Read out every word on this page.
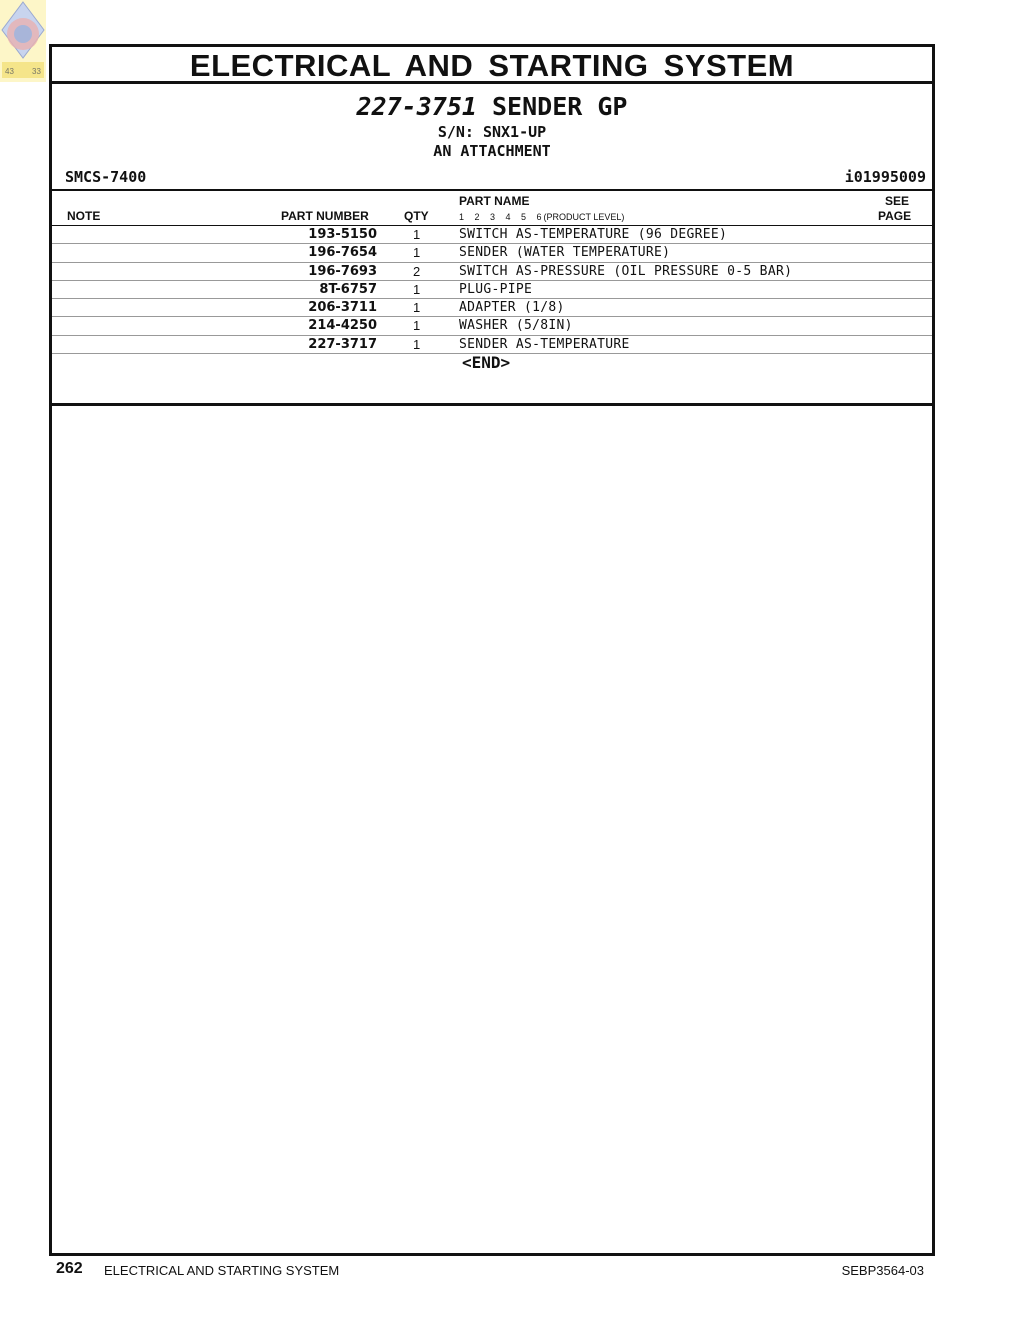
43 33	ELECTRICAL AND STARTING SYSTEM
227-3751 SENDER GP
S/N: SNX1-UP
AN ATTACHMENT
SMCS-7400	i01995009
NOTE	PART NUMBER	QTY
PART NAME
1 2 3 4 5 6 (PRODUCT LEVEL)
SEE
PAGE
193-5150	1	SWITCH AS-TEMPERATURE (96 DEGREE)
196-7654	1	SENDER (WATER TEMPERATURE)
196-7693	2	SWITCH AS-PRESSURE (OIL PRESSURE 0-5 BAR)
8T-6757	1	PLUG-PIPE
206-3711	1	ADAPTER (1/8)
214-4250	1	WASHER (5/8IN)
227-3717	1	SENDER AS-TEMPERATURE
<END>
262 ELECTRICAL AND STARTING SYSTEM	SEBP3564-03
